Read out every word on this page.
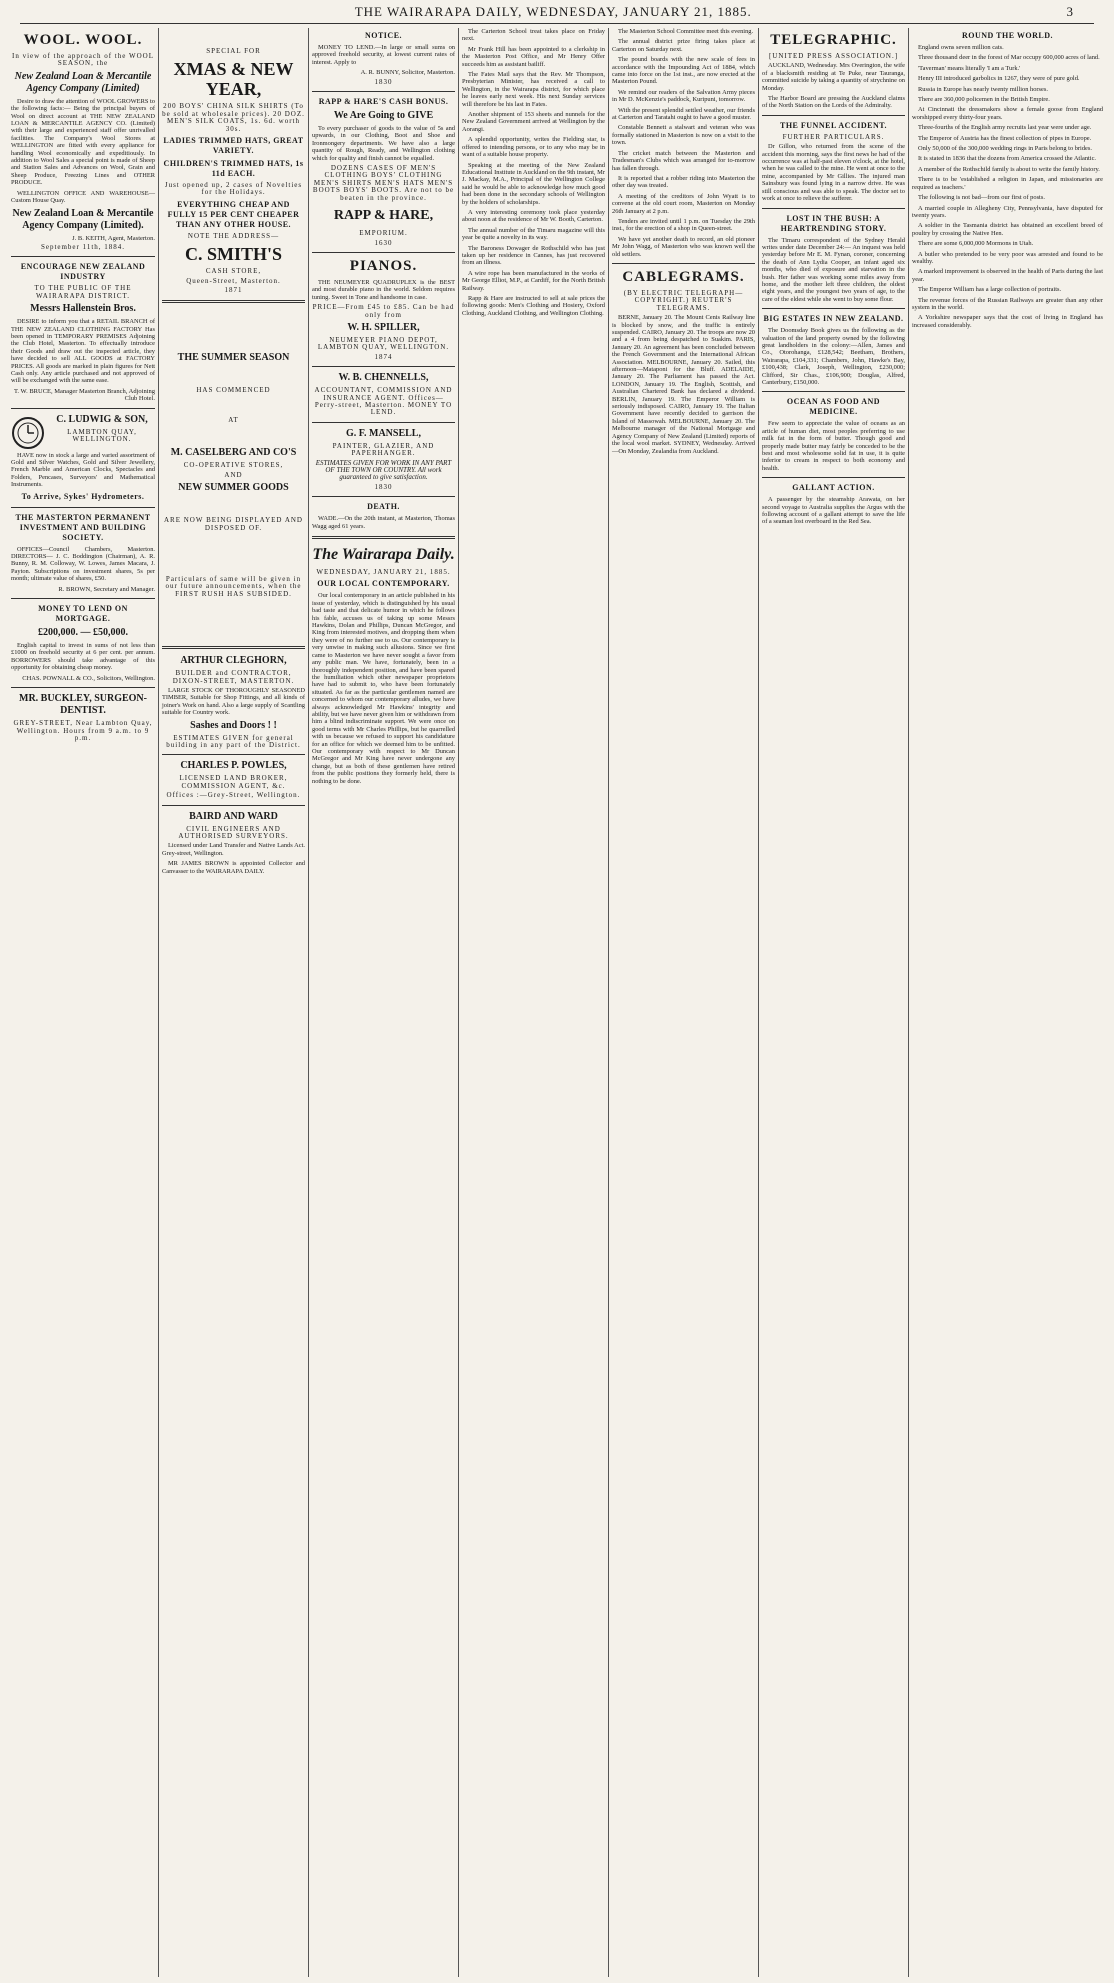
THE WAIRARAPA DAILY, WEDNESDAY, JANUARY 21, 1885.	3
WOOL. WOOL.
In view of the approach of the WOOL SEASON, the
New Zealand Loan & Mercantile Agency Company (Limited)

Desire to draw the attention of WOOL GROWERS to the following facts:— Being the principal buyers of Wool on direct account at THE NEW ZEALAND LOAN & MERCANTILE AGENCY CO. (Limited) with their large and experienced staff offer unrivalled facilities. The Company's Wool Stores at WELLINGTON are fitted with every appliance for handling Wool economically and expeditiously. In addition to Wool Sales a special point is made of Sheep and Station Sales and Advances on Wool, Grain and Sheep Produce, Freezing Lines and OTHER PRODUCE.

WELLINGTON OFFICE AND WAREHOUSE—Custom House Quay.

New Zealand Loan & Mercantile Agency Company (Limited).
J. B. KEITH, Agent, Masterton.
September 11th, 1884.
ENCOURAGE NEW ZEALAND INDUSTRY
TO THE PUBLIC OF THE WAIRARAPA DISTRICT.
Messrs Hallenstein Bros.

DESIRE to inform you that a RETAIL BRANCH of THE NEW ZEALAND CLOTHING FACTORY Has been opened in TEMPORARY PREMISES Adjoining the Club Hotel, Masterton. To effectually introduce their Goods and draw out the inspected article, they have decided to sell ALL GOODS at FACTORY PRICES. All goods are marked in plain figures for Nett Cash only. Any article purchased and not approved of will be exchanged with the same ease.

T. W. BRUCE, Manager Masterton Branch, Adjoining Club Hotel.
C. LUDWIG & SON,
LAMBTON QUAY, WELLINGTON.

HAVE now in stock a large and varied assortment of Gold and Silver Watches, Gold and Silver Jewellery, French Marble and American Clocks, Spectacles and Folders, Pencases, Surveyors' and Mathematical Instruments.

To Arrive, Sykes' Hydrometers.
THE MASTERTON PERMANENT INVESTMENT AND BUILDING SOCIETY.

OFFICES—Council Chambers, Masterton. DIRECTORS— J. C. Boddington (Chairman), A. R. Bunny, R. M. Colloway, W. Lowes, James Macara, J. Payton. Subscriptions on investment shares, 5s per month; ultimate value of shares, £50.

R. BROWN, Secretary and Manager.
MONEY TO LEND ON MORTGAGE.
£200,000. — £50,000.

English capital to invest in sums of not less than £1000 on freehold security at 6 per cent. per annum. BORROWERS should take advantage of this opportunity for obtaining cheap money.

CHAS. POWNALL & CO., Solicitors, Wellington.
MR. BUCKLEY, SURGEON-DENTIST.
GREY-STREET, Near Lambton Quay, Wellington. Hours from 9 a.m. to 9 p.m.
SPECIAL FOR
XMAS & NEW YEAR,
200 BOYS' CHINA SILK SHIRTS (To be sold at wholesale prices). 20 DOZ. MEN'S SILK COATS, 1s. 6d. worth 30s.
LADIES TRIMMED HATS, GREAT VARIETY.
CHILDREN'S TRIMMED HATS, 1s 11d EACH.
Just opened up, 2 cases of Novelties for the Holidays.
EVERYTHING CHEAP AND FULLY 15 PER CENT CHEAPER THAN ANY OTHER HOUSE.
NOTE THE ADDRESS—
C. SMITH'S
CASH STORE,
Queen-Street, Masterton.
1871
THE SUMMER SEASON
HAS COMMENCED
AT
M. CASELBERG AND CO'S
CO-OPERATIVE STORES,
AND
NEW SUMMER GOODS
ARE NOW BEING DISPLAYED AND DISPOSED OF.
Particulars of same will be given in our future announcements, when the FIRST RUSH HAS SUBSIDED.
ARTHUR CLEGHORN,
BUILDER and CONTRACTOR, DIXON-STREET, MASTERTON.

LARGE STOCK OF THOROUGHLY SEASONED TIMBER, Suitable for Shop Fittings, and all kinds of joiner's Work on hand. Also a large supply of Scantling suitable for Country work.

Sashes and Doors ! !
ESTIMATES GIVEN for general building in any part of the District.
CHARLES P. POWLES,
LICENSED LAND BROKER, COMMISSION AGENT, &c.
Offices :—Grey-Street, Wellington.
BAIRD AND WARD
CIVIL ENGINEERS AND AUTHORISED SURVEYORS.

Licensed under Land Transfer and Native Lands Act. Grey-street, Wellington.

MR JAMES BROWN is appointed Collector and Canvasser to the WAIRARAPA DAILY.

NOTICE.

MONEY TO LEND.—In large or small sums on approved freehold security, at lowest current rates of interest. Apply to

A. R. BUNNY, Solicitor, Masterton.
1830
RAPP & HARE'S CASH BONUS.
We Are Going to GIVE

To every purchaser of goods to the value of 5s and upwards, in our Clothing, Boot and Shoe and Ironmongery departments. We have also a large quantity of Rough, Ready, and Wellington clothing which for quality and finish cannot be equalled.

DOZENS CASES OF MEN'S CLOTHING BOYS' CLOTHING MEN'S SHIRTS MEN'S HATS MEN'S BOOTS BOYS' BOOTS. Are not to be beaten in the province.
RAPP & HARE,
EMPORIUM.
1630
PIANOS.

THE NEUMEYER QUADRUPLEX is the BEST and most durable piano in the world. Seldom requires tuning. Sweet in Tone and handsome in case.

PRICE—From £45 to £85. Can be had only from
W. H. SPILLER,
NEUMEYER PIANO DEPOT, LAMBTON QUAY, WELLINGTON.
1874
W. B. CHENNELLS,
ACCOUNTANT, COMMISSION AND INSURANCE AGENT. Offices—Perry-street, Masterton. MONEY TO LEND.
G. F. MANSELL,
PAINTER, GLAZIER, AND PAPERHANGER.
ESTIMATES GIVEN FOR WORK IN ANY PART OF THE TOWN OR COUNTRY. All work guaranteed to give satisfaction.
1830
DEATH.

WADE.—On the 20th instant, at Masterton, Thomas Wagg aged 61 years.

The Wairarapa Daily.
WEDNESDAY, JANUARY 21, 1885.
OUR LOCAL CONTEMPORARY.

Our local contemporary in an article published in his issue of yesterday, which is distinguished by his usual bad taste and that delicate humor in which he follows his fable, accuses us of taking up some Messrs Hawkins, Dolan and Phillips, Duncan McGregor, and King from interested motives, and dropping them when they were of no further use to us. Our contemporary is very unwise in making such allusions. Since we first came to Masterton we have never sought a favor from any public man. We have, fortunately, been in a thoroughly independent position, and have been spared the humiliation which other newspaper proprietors have had to submit to, who have been fortunately situated. As far as the particular gentlemen named are concerned to whom our contemporary alludes, we have always acknowledged Mr Hawkins' integrity and ability, but we have never given him or withdrawn from him a blind indiscriminate support. We were once on good terms with Mr Charles Phillips, but he quarrelled with us because we refused to support his candidature for an office for which we deemed him to be unfitted. Our contemporary with respect to Mr Duncan McGregor and Mr King have never undergone any change, but as both of these gentlemen have retired from the public positions they formerly held, there is nothing to be done.

The Carterton School treat takes place on Friday next.

Mr Frank Hill has been appointed to a clerkship in the Masterton Post Office, and Mr Henry Offer succeeds him as assistant bailiff.

The Fates Mail says that the Rev. Mr Thompson, Presbyterian Minister, has received a call to Wellington, in the Wairarapa district, for which place he leaves early next week. His next Sunday services will therefore be his last in Fates.

Another shipment of 153 sheets and nunnels for the New Zealand Government arrived at Wellington by the Aorangi.

A splendid opportunity, writes the Fielding star, is offered to intending persons, or to any who may be in want of a suitable house property.

Speaking at the meeting of the New Zealand Educational Institute in Auckland on the 9th instant, Mr J. Mackay, M.A., Principal of the Wellington College said he would be able to acknowledge how much good had been done in the secondary schools of Wellington by the holders of scholarships.

A very interesting ceremony took place yesterday about noon at the residence of Mr W. Booth, Carterton.

The annual number of the Timaru magazine will this year be quite a novelty in its way.

The Baroness Dowager de Rothschild who has just taken up her residence in Cannes, has just recovered from an illness.

A wire rope has been manufactured in the works of Mr George Elliot, M.P., at Cardiff, for the North British Railway.

Rapp & Hare are instructed to sell at sale prices the following goods: Men's Clothing and Hosiery, Oxford Clothing, Auckland Clothing, and Wellington Clothing.

The Masterton School Committee meet this evening.

The annual district prize firing takes place at Carterton on Saturday next.

The pound boards with the new scale of fees in accordance with the Impounding Act of 1884, which came into force on the 1st inst., are now erected at the Masterton Pound.

We remind our readers of the Salvation Army pieces in Mr D. McKenzie's paddock, Kuripuni, tomorrow.

With the present splendid settled weather, our friends at Carterton and Taratahi ought to have a good muster.

Constable Bennett a stalwart and veteran who was formally stationed in Masterton is now on a visit to the town.

The cricket match between the Masterton and Tradesman's Clubs which was arranged for to-morrow has fallen through.

It is reported that a robber riding into Masterton the other day was treated.

A meeting of the creditors of John Wyatt is to convene at the old court room, Masterton on Monday 26th January at 2 p.m.

Tenders are invited until 1 p.m. on Tuesday the 29th inst., for the erection of a shop in Queen-street.

We have yet another death to record, an old pioneer Mr John Wagg, of Masterton who was known well the old settlers.

CABLEGRAMS.
(BY ELECTRIC TELEGRAPH—COPYRIGHT.) REUTER'S TELEGRAMS.

BERNE, January 20. The Mount Cenis Railway line is blocked by snow, and the traffic is entirely suspended. CAIRO, January 20. The troops are now 20 and a 4 from being despatched to Suakim. PARIS, January 20. An agreement has been concluded between the French Government and the International African Association. MELBOURNE, January 20. Sailed, this afternoon—Mataponi for the Bluff. ADELAIDE, January 20. The Parliament has passed the Act. LONDON, January 19. The English, Scottish, and Australian Chartered Bank has declared a dividend. BERLIN, January 19. The Emperor William is seriously indisposed. CAIRO, January 19. The Italian Government have recently decided to garrison the Island of Massowah. MELBOURNE, January 20. The Melbourne manager of the National Mortgage and Agency Company of New Zealand (Limited) reports of the local wool market. SYDNEY, Wednesday. Arrived—On Monday, Zealandia from Auckland.

TELEGRAPHIC.
[UNITED PRESS ASSOCIATION.]

AUCKLAND, Wednesday. Mrs Overington, the wife of a blacksmith residing at Te Puke, near Tauranga, committed suicide by taking a quantity of strychnine on Monday.

The Harbor Board are pressing the Auckland claims of the North Station on the Lords of the Admiralty.

THE FUNNEL ACCIDENT.
FURTHER PARTICULARS.

Dr Gillon, who returned from the scene of the accident this morning, says the first news he had of the occurrence was at half-past eleven o'clock, at the hotel, when he was called to the mine. He went at once to the mine, accompanied by Mr Gillies. The injured man Sainsbury was found lying in a narrow drive. He was still conscious and was able to speak. The doctor set to work at once to relieve the sufferer.

LOST IN THE BUSH: A HEARTRENDING STORY.

The Timaru correspondent of the Sydney Herald writes under date December 24:— An inquest was held yesterday before Mr E. M. Fynan, coroner, concerning the death of Ann Lydia Cooper, an infant aged six months, who died of exposure and starvation in the bush. Her father was working some miles away from home, and the mother left three children, the oldest eight years, and the youngest two years of age, to the care of the eldest while she went to buy some flour.

BIG ESTATES IN NEW ZEALAND.

The Doomsday Book gives us the following as the valuation of the land property owned by the following great landholders in the colony:—Allen, James and Co., Otorohanga, £128,542; Beetham, Brothers, Wairarapa, £104,331; Chambers, John, Hawke's Bay, £100,438; Clark, Joseph, Wellington, £230,000; Clifford, Sir Chas., £106,900; Douglas, Alfred, Canterbury, £150,000.

OCEAN AS FOOD AND MEDICINE.

Few seem to appreciate the value of oceans as an article of human diet, most peoples preferring to use milk fat in the form of butter. Though good and properly made butter may fairly be conceded to be the best and most wholesome solid fat in use, it is quite inferior to cream in respect to both economy and health.

GALLANT ACTION.

A passenger by the steamship Arawata, on her second voyage to Australia supplies the Argus with the following account of a gallant attempt to save the life of a seaman lost overboard in the Red Sea.

ROUND THE WORLD.

England owns seven million cats.

Three thousand deer in the forest of Mar occupy 600,000 acres of land.

'Taverman' means literally 'I am a Turk.'

Henry III introduced garbolics in 1267, they were of pure gold.

Russia in Europe has nearly twenty million horses.

There are 360,000 policemen in the British Empire.

At Cincinnati the dressmakers show a female goose from England worshipped every thirty-four years.

Three-fourths of the English army recruits last year were under age.

The Emperor of Austria has the finest collection of pipes in Europe.

Only 50,000 of the 300,000 wedding rings in Paris belong to brides.

It is stated in 1836 that the dozens from America crossed the Atlantic.

A member of the Rothschild family is about to write the family history.

There is to be 'established a religion in Japan, and missionaries are required as teachers.'

The following is not bad—from our first of posts.

A married couple in Allegheny City, Pennsylvania, have disputed for twenty years.

A soldier in the Tasmania district has obtained an excellent breed of poultry by crossing the Native Hen.

There are some 6,000,000 Mormons in Utah.

A butler who pretended to be very poor was arrested and found to be wealthy.

A marked improvement is observed in the health of Paris during the last year.

The Emperor William has a large collection of portraits.

The revenue forces of the Russian Railways are greater than any other system in the world.

A Yorkshire newspaper says that the cost of living in England has increased considerably.
